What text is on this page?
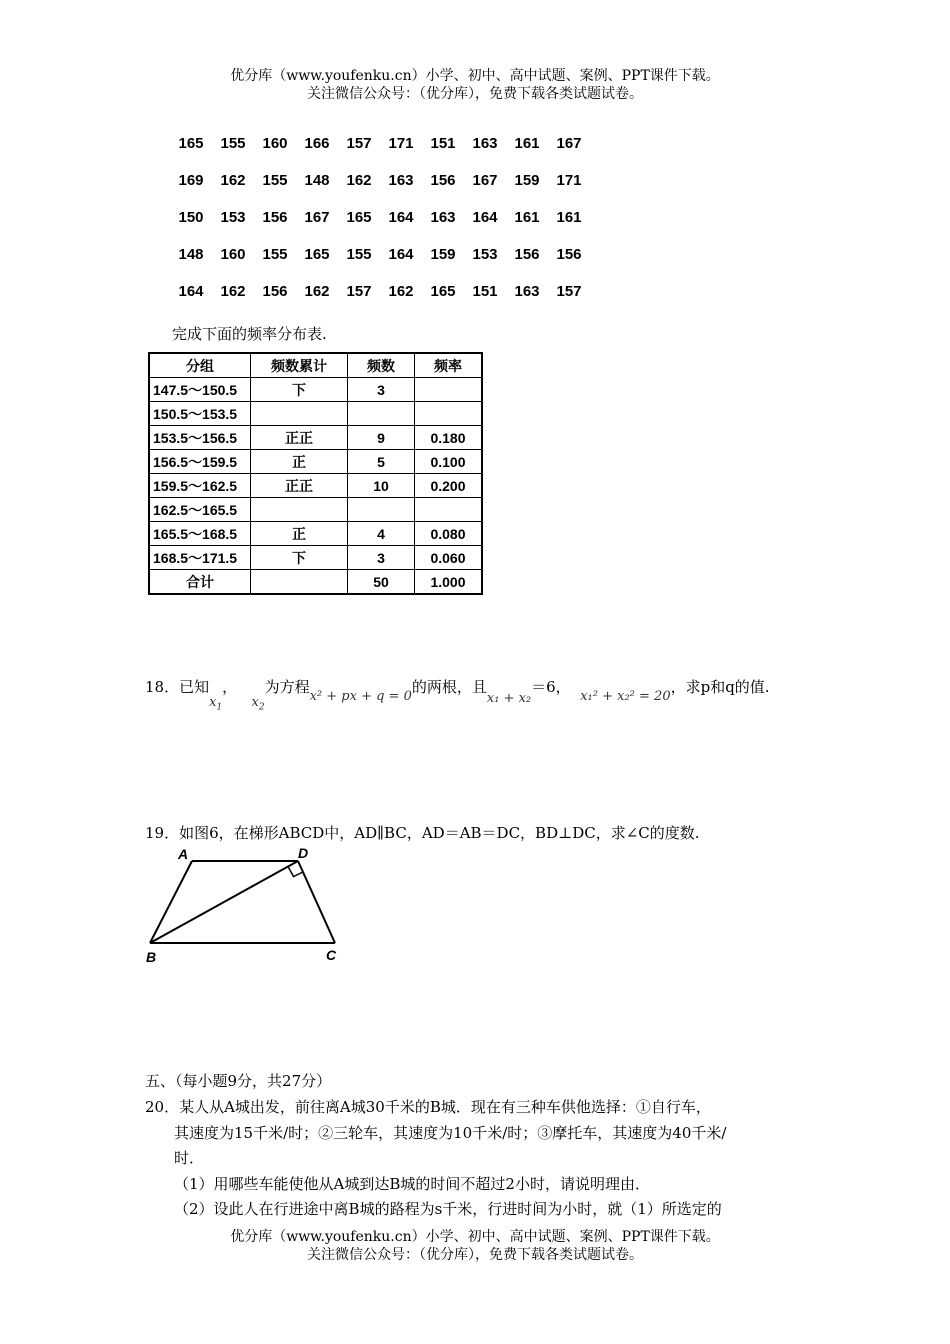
优分库（www.youfenku.cn）小学、初中、高中试题、案例、PPT课件下载。
关注微信公众号：（优分库），免费下载各类试题试卷。
165	155	160	166	157	171	151	163	161	167
169	162	155	148	162	163	156	167	159	171
150	153	156	167	165	164	163	164	161	161
148	160	155	165	155	164	159	153	156	156
164	162	156	162	157	162	165	151	163	157
完成下面的频率分布表.
分组	频数累计	频数	频率
147.5～150.5	下	3	
150.5～153.5			
153.5～156.5	正正	9	0.180
156.5～159.5	正	5	0.100
159.5～162.5	正正	10	0.200
162.5～165.5			
165.5～168.5	正	4	0.080
168.5～171.5	下	3	0.060
合计		50	1.000
18．已知$x_1$，   $x_2$为方程x² + px + q = 0的两根，且x₁ + x₂＝6，  x₁² + x₂² = 20，求p和q的值.
19．如图6，在梯形ABCD中，AD∥BC，AD＝AB＝DC，BD⊥DC，求∠C的度数.
A	D
B	C
五、（每小题9分，共27分）
20．某人从A城出发，前往离A城30千米的B城．现在有三种车供他选择：①自行车，
其速度为15千米/时；②三轮车，其速度为10千米/时；③摩托车，其速度为40千米/
时．
（1）用哪些车能使他从A城到达B城的时间不超过2小时，请说明理由．
（2）设此人在行进途中离B城的路程为s千米，行进时间为小时，就（1）所选定的
优分库（www.youfenku.cn）小学、初中、高中试题、案例、PPT课件下载。
关注微信公众号：（优分库），免费下载各类试题试卷。
